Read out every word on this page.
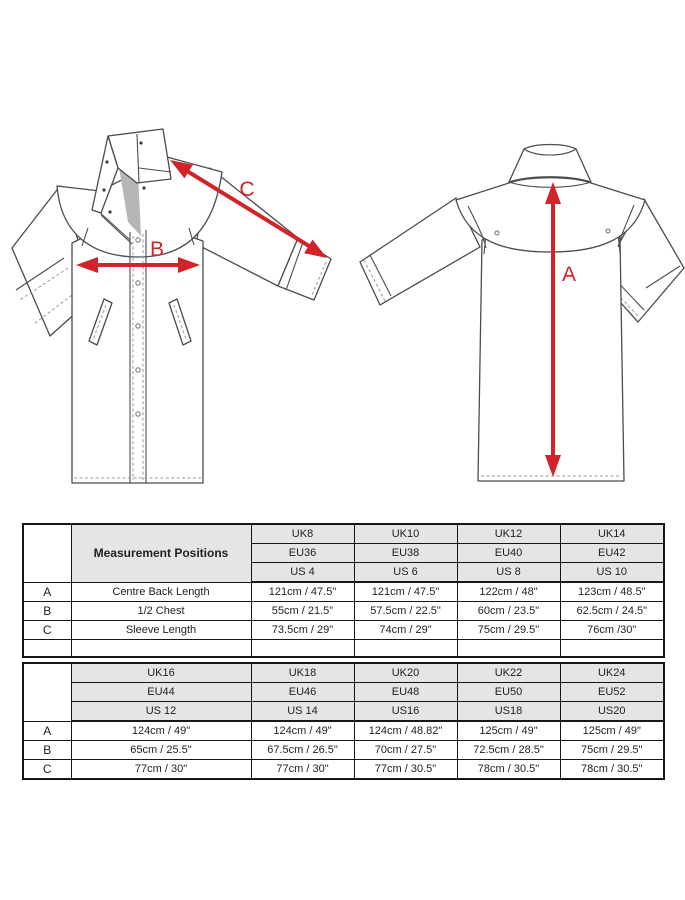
B
C
A
	Measurement Positions	UK8	UK10	UK12	UK14
		EU36	EU38	EU40	EU42
		US 4	US 6	US 8	US 10
A	Centre Back Length	121cm / 47.5"	121cm / 47.5"	122cm / 48"	123cm / 48.5"
B	1/2 Chest	55cm / 21.5"	57.5cm / 22.5"	60cm / 23.5"	62.5cm / 24.5"
C	Sleeve Length	73.5cm / 29"	74cm / 29"	75cm / 29.5"	76cm /30"

	UK16	UK18	UK20	UK22	UK24
	EU44	EU46	EU48	EU50	EU52
	US 12	US 14	US16	US18	US20
A	124cm / 49"	124cm / 49"	124cm / 48.82"	125cm / 49"	125cm / 49"
B	65cm / 25.5"	67.5cm / 26.5"	70cm / 27.5"	72.5cm / 28.5"	75cm / 29.5"
C	77cm / 30"	77cm / 30"	77cm / 30.5"	78cm / 30.5"	78cm / 30.5"
